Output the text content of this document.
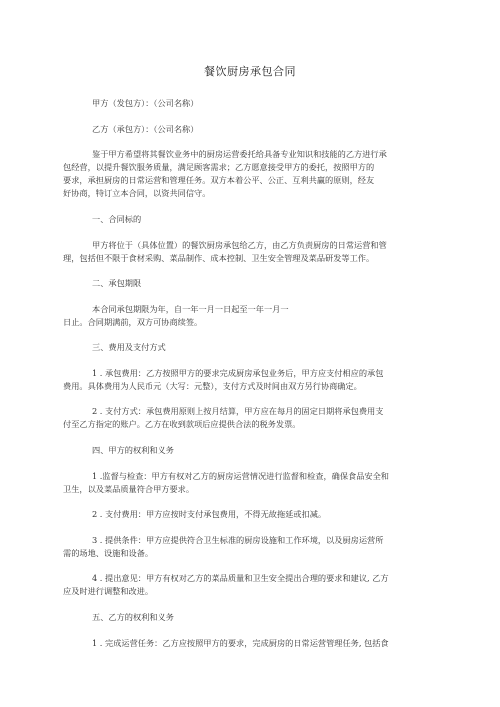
餐饮厨房承包合同
甲方（发包方）：（公司名称）
乙方（承包方）：（公司名称）
鉴于甲方希望将其餐饮业务中的厨房运营委托给具备专业知识和技能的乙方进行承
包经营，以提升餐饮服务质量，满足顾客需求；乙方愿意接受甲方的委托，按照甲方的
要求，承担厨房的日常运营和管理任务。双方本着公平、公正、互利共赢的原则，经友
好协商，特订立本合同，以资共同信守。
一、合同标的
甲方将位于（具体位置）的餐饮厨房承包给乙方，由乙方负责厨房的日常运营和管
理，包括但不限于食材采购、菜品制作、成本控制、卫生安全管理及菜品研发等工作。
二、承包期限
本合同承包期限为年，自一年一月一日起至一年一月一
日止。合同期满前，双方可协商续签。
三、费用及支付方式
1 . 承包费用：乙方按照甲方的要求完成厨房承包业务后，甲方应支付相应的承包
费用。具体费用为人民币元（大写：元整），支付方式及时间由双方另行协商确定。
2 . 支付方式：承包费用原则上按月结算，甲方应在每月的固定日期将承包费用支
付至乙方指定的账户。乙方在收到款项后应提供合法的税务发票。
四、甲方的权利和义务
1 .监督与检查：甲方有权对乙方的厨房运营情况进行监督和检查，确保食品安全和
卫生，以及菜品质量符合甲方要求。
2 . 支付费用：甲方应按时支付承包费用，不得无故拖延或扣减。
3 . 提供条件：甲方应提供符合卫生标准的厨房设施和工作环境，以及厨房运营所
需的场地、设施和设备。
4 . 提出意见：甲方有权对乙方的菜品质量和卫生安全提出合理的要求和建议, 乙方
应及时进行调整和改进。
五、乙方的权利和义务
1 . 完成运营任务：乙方应按照甲方的要求，完成厨房的日常运营管理任务, 包括食
